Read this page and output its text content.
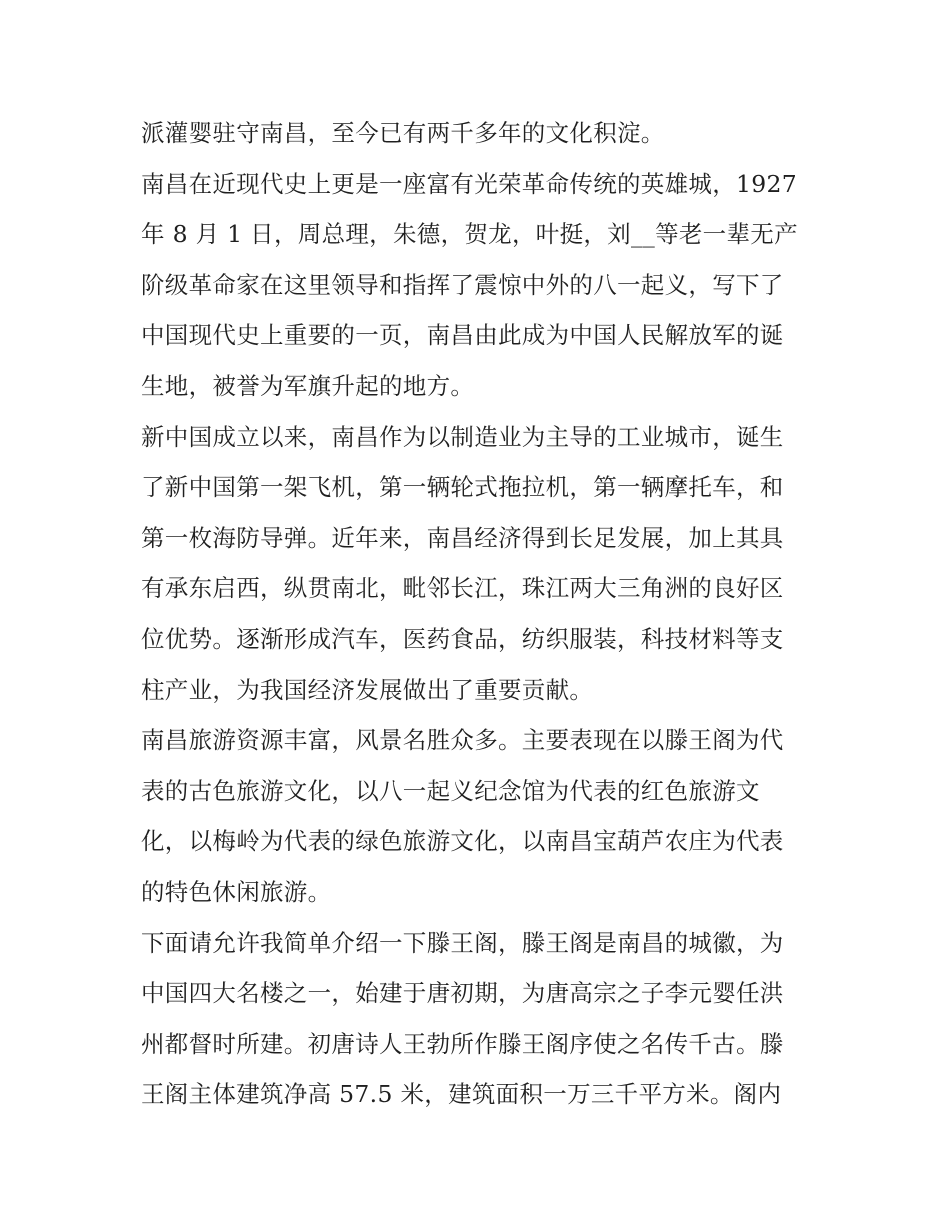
派灌婴驻守南昌，至今已有两千多年的文化积淀。
南昌在近现代史上更是一座富有光荣革命传统的英雄城，1927
年 8 月 1 日，周总理，朱德，贺龙，叶挺，刘__等老一辈无产
阶级革命家在这里领导和指挥了震惊中外的八一起义，写下了
中国现代史上重要的一页，南昌由此成为中国人民解放军的诞
生地，被誉为军旗升起的地方。
新中国成立以来，南昌作为以制造业为主导的工业城市，诞生
了新中国第一架飞机，第一辆轮式拖拉机，第一辆摩托车，和
第一枚海防导弹。近年来，南昌经济得到长足发展，加上其具
有承东启西，纵贯南北，毗邻长江，珠江两大三角洲的良好区
位优势。逐渐形成汽车，医药食品，纺织服装，科技材料等支
柱产业，为我国经济发展做出了重要贡献。
南昌旅游资源丰富，风景名胜众多。主要表现在以滕王阁为代
表的古色旅游文化，以八一起义纪念馆为代表的红色旅游文
化，以梅岭为代表的绿色旅游文化，以南昌宝葫芦农庄为代表
的特色休闲旅游。
下面请允许我简单介绍一下滕王阁，滕王阁是南昌的城徽，为
中国四大名楼之一，始建于唐初期，为唐高宗之子李元婴任洪
州都督时所建。初唐诗人王勃所作滕王阁序使之名传千古。滕
王阁主体建筑净高 57.5 米，建筑面积一万三千平方米。阁内
